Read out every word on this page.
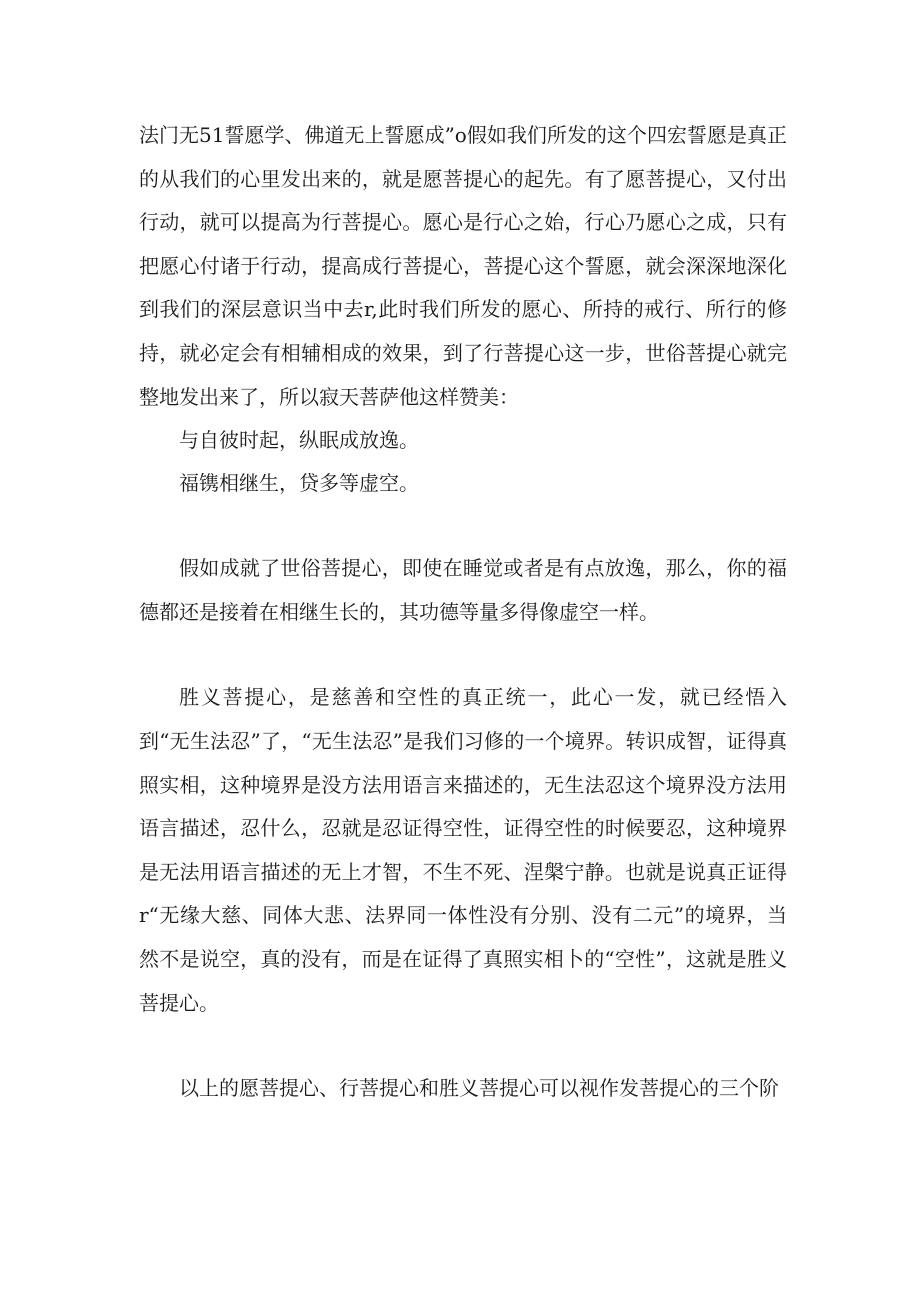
法门无51誓愿学、佛道无上誓愿成”o假如我们所发的这个四宏誓愿是真正的从我们的心里发出来的，就是愿菩提心的起先。有了愿菩提心，又付出行动，就可以提高为行菩提心。愿心是行心之始，行心乃愿心之成，只有把愿心付诸于行动，提高成行菩提心，菩提心这个誓愿，就会深深地深化到我们的深层意识当中去r,此时我们所发的愿心、所持的戒行、所行的修持，就必定会有相辅相成的效果，到了行菩提心这一步，世俗菩提心就完整地发出来了，所以寂天菩萨他这样赞美：

与自彼时起，纵眠成放逸。

福镌相继生，贷多等虚空。

假如成就了世俗菩提心，即使在睡觉或者是有点放逸，那么，你的福德都还是接着在相继生长的，其功德等量多得像虚空一样。

胜义菩提心，是慈善和空性的真正统一，此心一发，就已经悟入到“无生法忍”了，“无生法忍”是我们习修的一个境界。转识成智，证得真照实相，这种境界是没方法用语言来描述的，无生法忍这个境界没方法用语言描述，忍什么，忍就是忍证得空性，证得空性的时候要忍，这种境界是无法用语言描述的无上才智，不生不死、涅槃宁静。也就是说真正证得r“无缘大慈、同体大悲、法界同一体性没有分别、没有二元”的境界，当然不是说空，真的没有，而是在证得了真照实相卜的“空性”，这就是胜义菩提心。

以上的愿菩提心、行菩提心和胜义菩提心可以视作发菩提心的三个阶
